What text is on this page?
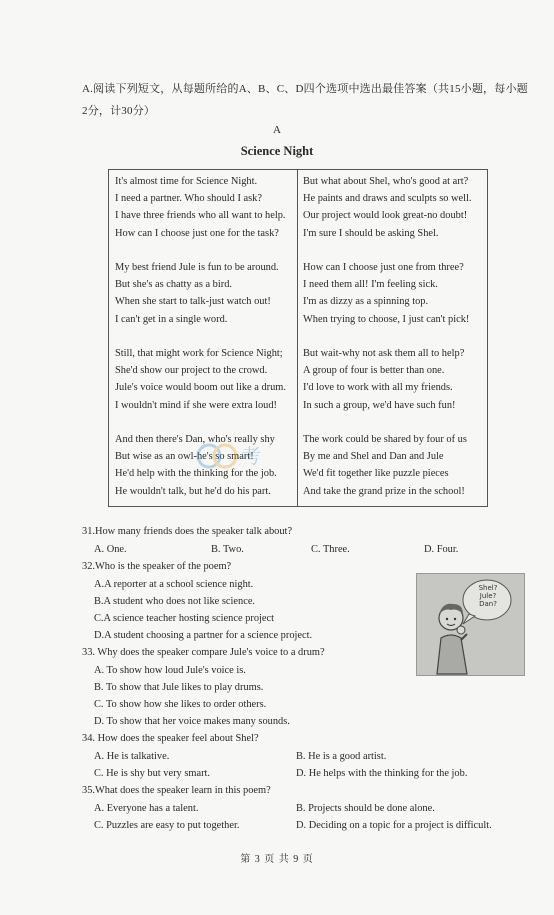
A.阅读下列短文，从每题所给的A、B、C、D四个选项中选出最佳答案（共15小题，每小题2分，计30分）
A
Science Night
It's almost time for Science Night.
I need a partner. Who should I ask?
I have three friends who all want to help.
How can I choose just one for the task?
My best friend Jule is fun to be around.
But she's as chatty as a bird.
When she start to talk-just watch out!
I can't get in a single word.
Still, that might work for Science Night;
She'd show our project to the crowd.
Jule's voice would boom out like a drum.
I wouldn't mind if she were extra loud!
And then there's Dan, who's really shy
But wise as an owl-he's so smart!
He'd help with the thinking for the job.
He wouldn't talk, but he'd do his part.
But what about Shel, who's good at art?
He paints and draws and sculpts so well.
Our project would look great-no doubt!
I'm sure I should be asking Shel.
How can I choose just one from three?
I need them all! I'm feeling sick.
I'm as dizzy as a spinning top.
When trying to choose, I just can't pick!
But wait-why not ask them all to help?
A group of four is better than one.
I'd love to work with all my friends.
In such a group, we'd have such fun!
The work could be shared by four of us
By me and Shel and Dan and Jule
We'd fit together like puzzle pieces
And take the grand prize in the school!
考
31.How many friends does the speaker talk about?
A. One.	B. Two.	C. Three.	D. Four.
32.Who is the speaker of the poem?
A.A reporter at a school science night.
B.A student who does not like science.
C.A science teacher hosting science project
D.A student choosing a partner for a science project.
33. Why does the speaker compare Jule's voice to a drum?
A. To show how loud Jule's voice is.
B. To show that Jule likes to play drums.
C. To show how she likes to order others.
D. To show that her voice makes many sounds.
34. How does the speaker feel about Shel?
A. He is talkative.	B. He is a good artist.
C. He is shy but very smart.	D. He helps with the thinking for the job.
35.What does the speaker learn in this poem?
A. Everyone has a talent.	B. Projects should be done alone.
C. Puzzles are easy to put together.	D. Deciding on a topic for a project is difficult.
Shel?
Jule?
Dan?
第 3 页 共 9 页
